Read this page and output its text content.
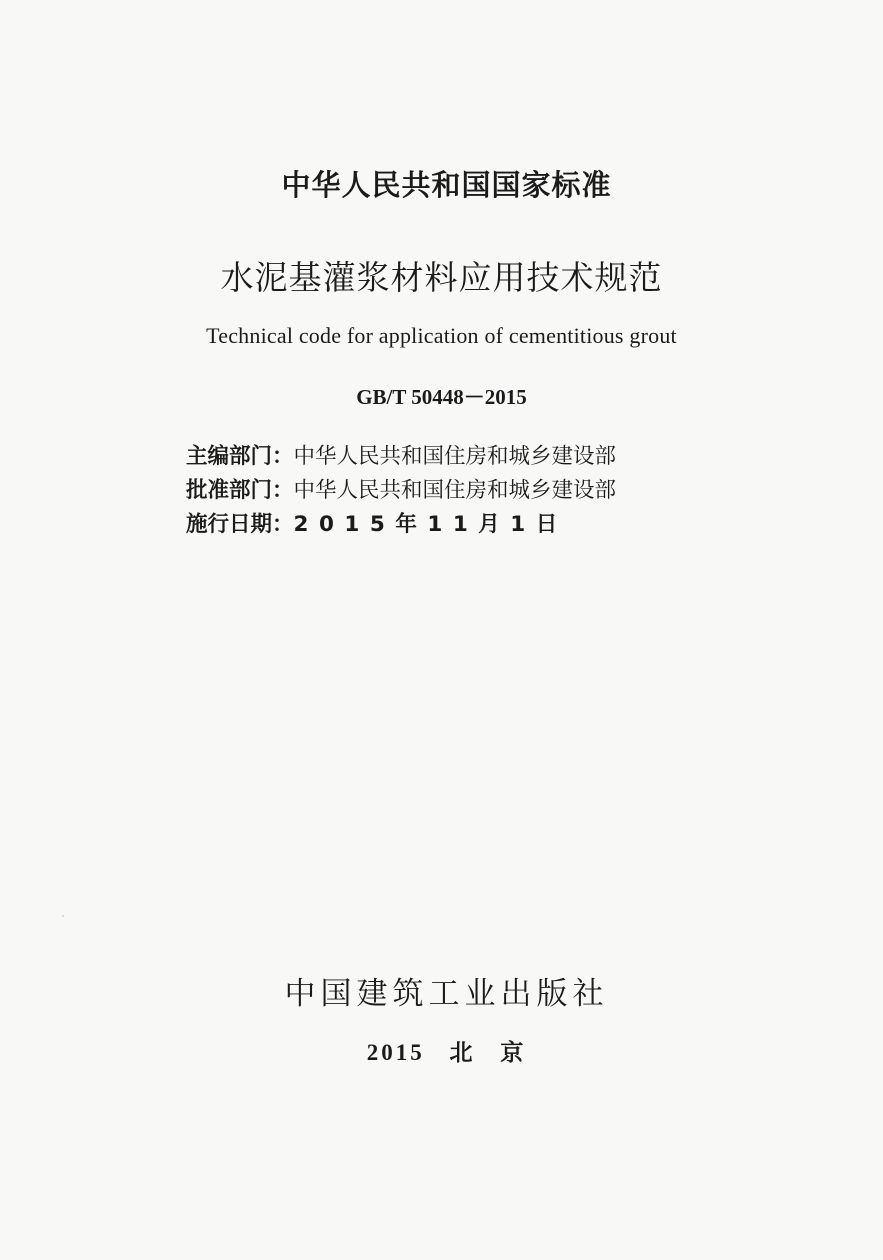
中华人民共和国国家标准
水泥基灌浆材料应用技术规范
Technical code for application of cementitious grout
GB/T 50448－2015
主编部门：中华人民共和国住房和城乡建设部
批准部门：中华人民共和国住房和城乡建设部
施行日期：2015年11月1日
中国建筑工业出版社
2015 北 京
